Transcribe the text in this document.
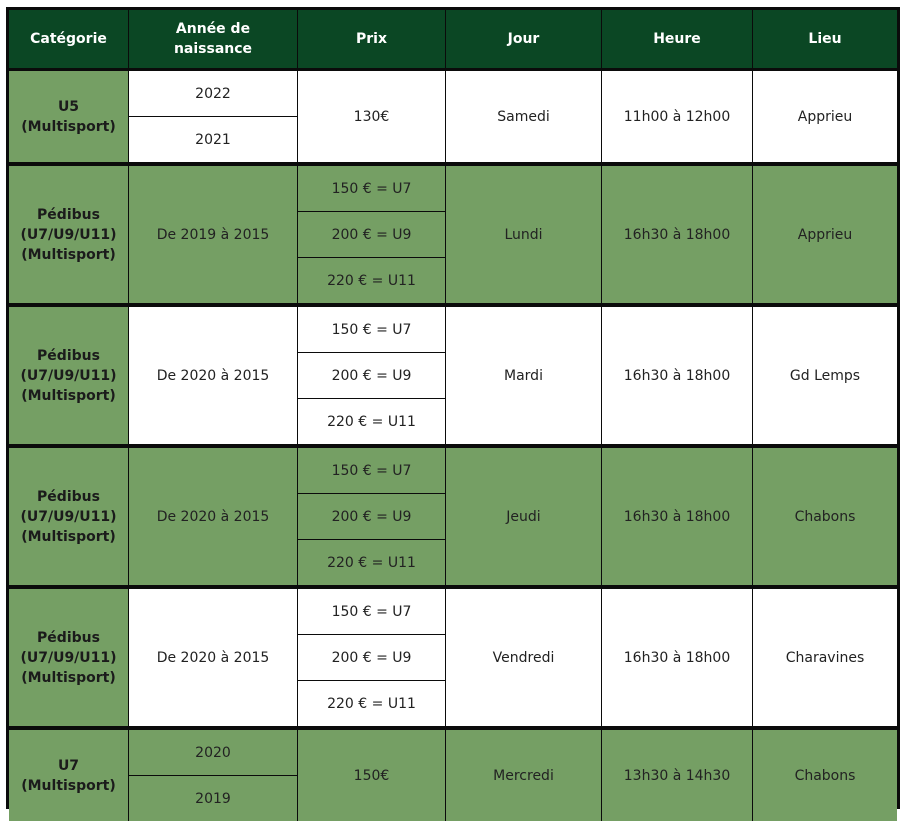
Catégorie	Année de naissance	Prix	Jour	Heure	Lieu

U5
(Multisport)	2022	130€	Samedi	11h00 à 12h00	Apprieu
	2021				

Pédibus
(U7/U9/U11)
(Multisport)	De 2019 à 2015	150 € = U7	Lundi	16h30 à 18h00	Apprieu
		200 € = U9			
		220 € = U11			

Pédibus
(U7/U9/U11)
(Multisport)	De 2020 à 2015	150 € = U7	Mardi	16h30 à 18h00	Gd Lemps
		200 € = U9			
		220 € = U11			

Pédibus
(U7/U9/U11)
(Multisport)	De 2020 à 2015	150 € = U7	Jeudi	16h30 à 18h00	Chabons
		200 € = U9			
		220 € = U11			

Pédibus
(U7/U9/U11)
(Multisport)	De 2020 à 2015	150 € = U7	Vendredi	16h30 à 18h00	Charavines
		200 € = U9			
		220 € = U11			

U7
(Multisport)	2020	150€	Mercredi	13h30 à 14h30	Chabons
	2019				
